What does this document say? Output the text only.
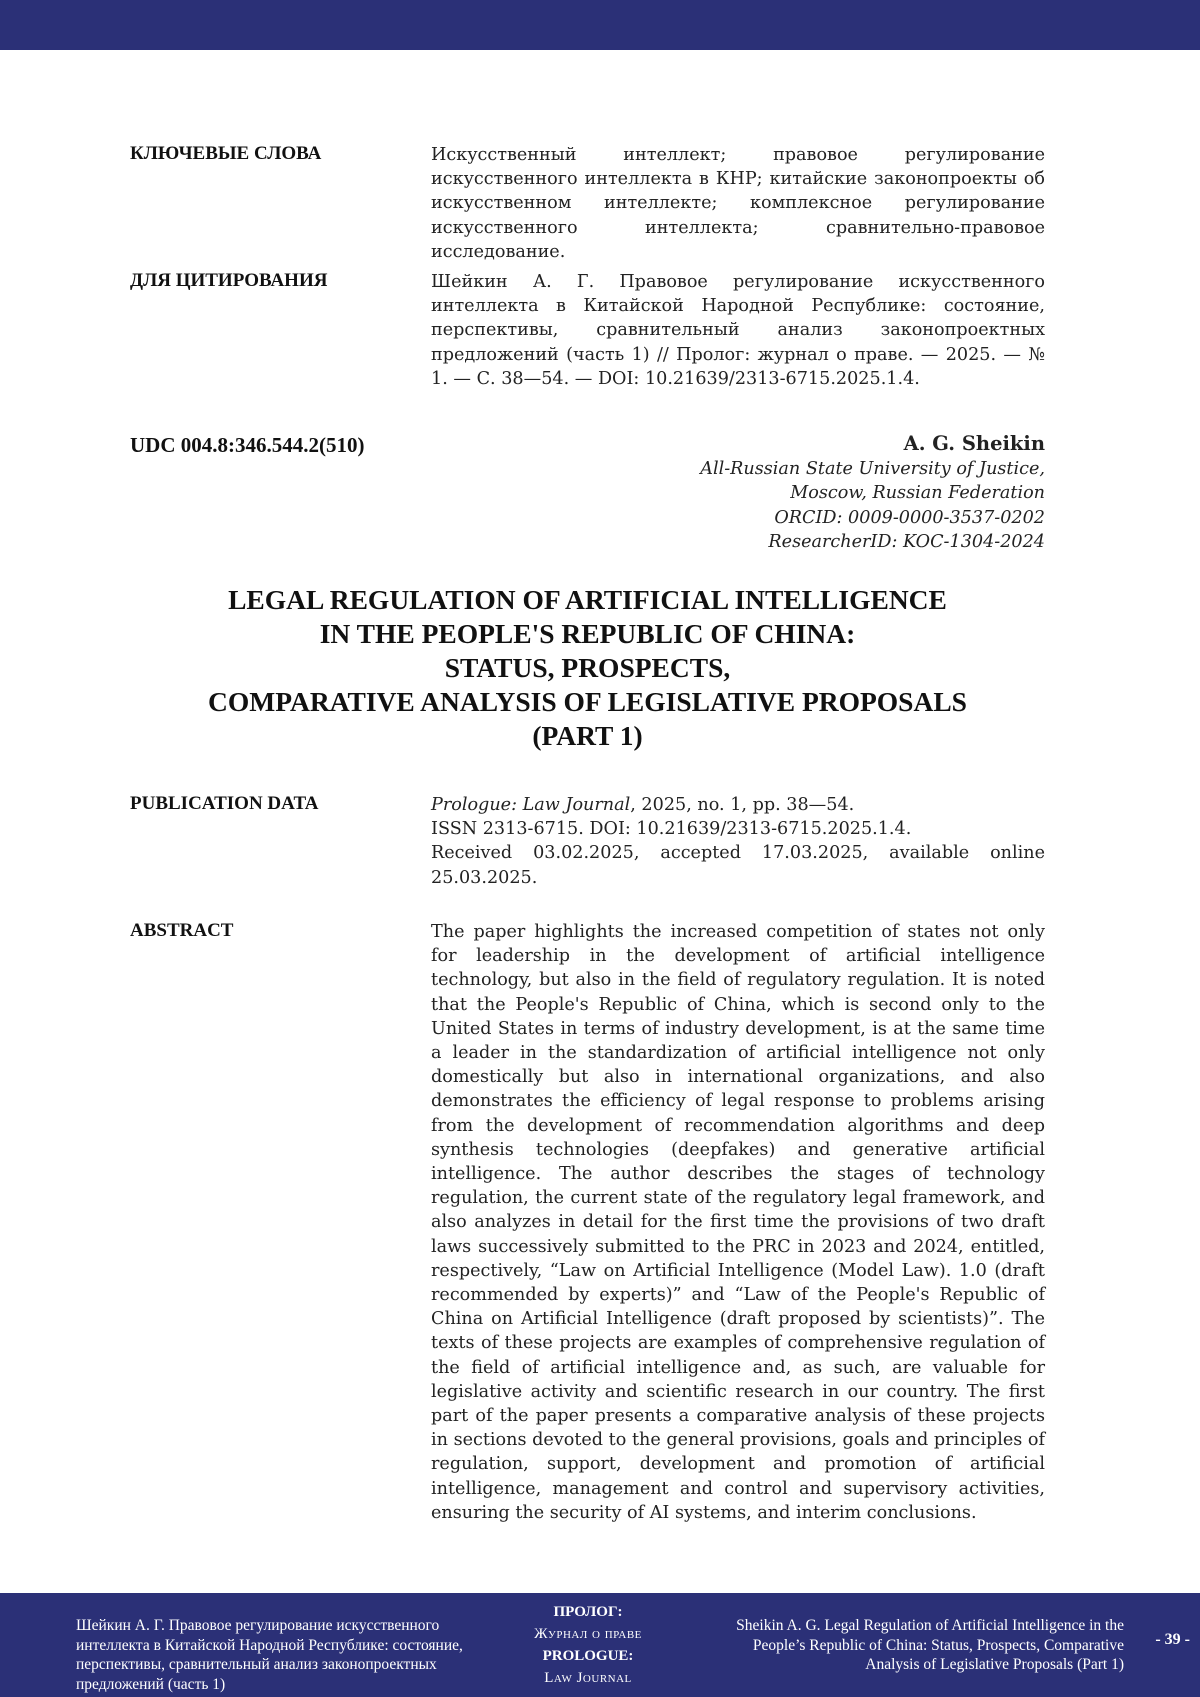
КЛЮЧЕВЫЕ СЛОВА	Искусственный интеллект; правовое регулирование искусственного интеллекта в КНР; китайские законопроекты об искусственном интеллекте; комплексное регулирование искусственного интеллекта; сравнительно-правовое исследование.
ДЛЯ ЦИТИРОВАНИЯ	Шейкин А. Г. Правовое регулирование искусственного интеллекта в Китайской Народной Республике: состояние, перспективы, сравнительный анализ законопроектных предложений (часть 1) // Пролог: журнал о праве. — 2025. — № 1. — С. 38—54. — DOI: 10.21639/2313-6715.2025.1.4.
UDC 004.8:346.544.2(510)	A. G. Sheikin
All-Russian State University of Justice,
Moscow, Russian Federation
ORCID: 0009-0000-3537-0202
ResearcherID: KOC-1304-2024
LEGAL REGULATION OF ARTIFICIAL INTELLIGENCE
IN THE PEOPLE'S REPUBLIC OF CHINA:
STATUS, PROSPECTS,
COMPARATIVE ANALYSIS OF LEGISLATIVE PROPOSALS
(PART 1)
PUBLICATION DATA	Prologue: Law Journal, 2025, no. 1, pp. 38—54.
ISSN 2313-6715. DOI: 10.21639/2313-6715.2025.1.4.
Received 03.02.2025, accepted 17.03.2025, available online 25.03.2025.
ABSTRACT	The paper highlights the increased competition of states not only for leadership in the development of artificial intelligence technology, but also in the field of regulatory regulation. It is noted that the People's Republic of China, which is second only to the United States in terms of industry development, is at the same time a leader in the standardization of artificial intelligence not only domestically but also in international organizations, and also demonstrates the efficiency of legal response to problems arising from the development of recommendation algorithms and deep synthesis technologies (deepfakes) and generative artificial intelligence. The author describes the stages of technology regulation, the current state of the regulatory legal framework, and also analyzes in detail for the first time the provisions of two draft laws successively submitted to the PRC in 2023 and 2024, entitled, respectively, “Law on Artificial Intelligence (Model Law). 1.0 (draft recommended by experts)” and “Law of the People's Republic of China on Artificial Intelligence (draft proposed by scientists)”. The texts of these projects are examples of comprehensive regulation of the field of artificial intelligence and, as such, are valuable for legislative activity and scientific research in our country. The first part of the paper presents a comparative analysis of these projects in sections devoted to the general provisions, goals and principles of regulation, support, development and promotion of artificial intelligence, management and control and supervisory activities, ensuring the security of AI systems, and interim conclusions.
Шейкин А. Г. Правовое регулирование искусственного интеллекта в Китайской Народной Республике: состояние, перспективы, сравнительный анализ законопроектных предложений (часть 1)
ПРОЛОГ:
Журнал о праве
PROLOGUE:
Law Journal
Sheikin A. G. Legal Regulation of Artificial Intelligence in the People’s Republic of China: Status, Prospects, Comparative Analysis of Legislative Proposals (Part 1)
- 39 -
